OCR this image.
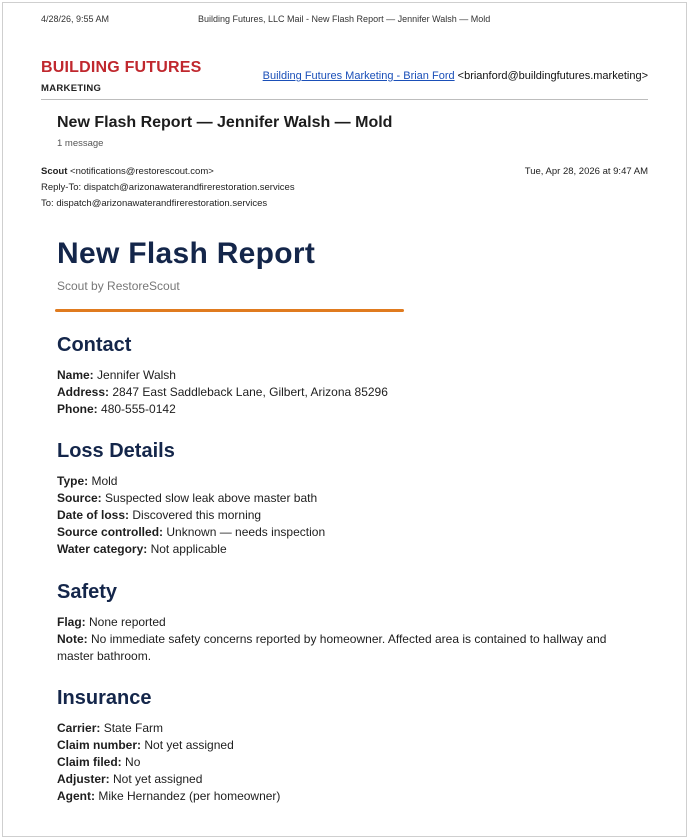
4/28/26, 9:55 AM	Building Futures, LLC Mail - New Flash Report — Jennifer Walsh — Mold
BUILDING FUTURES
MARKETING
Building Futures Marketing - Brian Ford <brianford@buildingfutures.marketing>
New Flash Report — Jennifer Walsh — Mold
1 message
Scout <notifications@restorescout.com>	Tue, Apr 28, 2026 at 9:47 AM
Reply-To: dispatch@arizonawaterandfirerestoration.services
To: dispatch@arizonawaterandfirerestoration.services
New Flash Report
Scout by RestoreScout
Contact
Name: Jennifer Walsh
Address: 2847 East Saddleback Lane, Gilbert, Arizona 85296
Phone: 480-555-0142
Loss Details
Type: Mold
Source: Suspected slow leak above master bath
Date of loss: Discovered this morning
Source controlled: Unknown — needs inspection
Water category: Not applicable
Safety
Flag: None reported
Note: No immediate safety concerns reported by homeowner. Affected area is contained to hallway and master bathroom.
Insurance
Carrier: State Farm
Claim number: Not yet assigned
Claim filed: No
Adjuster: Not yet assigned
Agent: Mike Hernandez (per homeowner)
